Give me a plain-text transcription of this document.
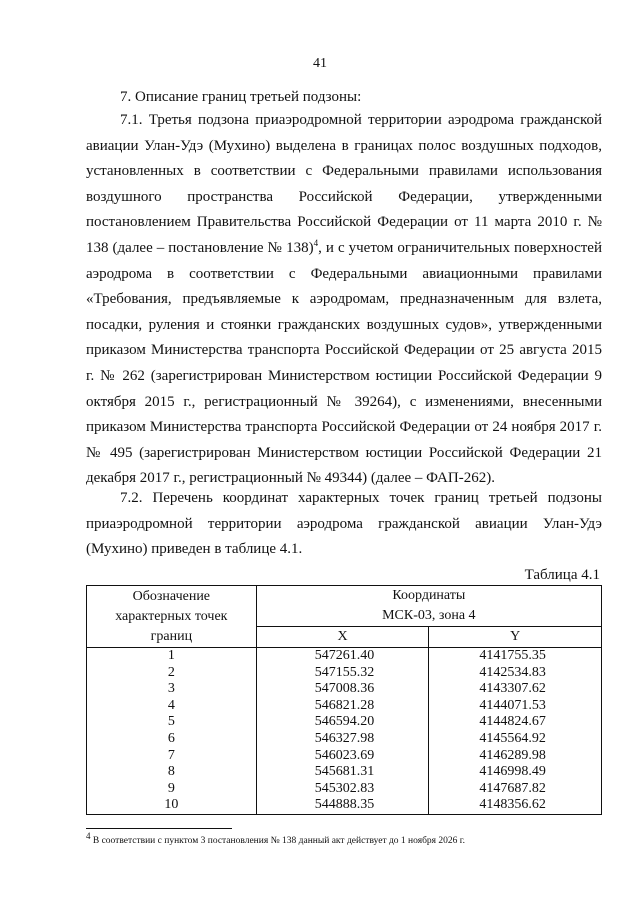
41
7. Описание границ третьей подзоны:

7.1. Третья подзона приаэродромной территории аэродрома гражданской авиации Улан-Удэ (Мухино) выделена в границах полос воздушных подходов, установленных в соответствии с Федеральными правилами использования воздушного пространства Российской Федерации, утвержденными постановлением Правительства Российской Федерации от 11 марта 2010 г. № 138 (далее – постановление № 138)$^4$, и с учетом ограничительных поверхностей аэродрома в соответствии с Федеральными авиационными правилами «Требования, предъявляемые к аэродромам, предназначенным для взлета, посадки, руления и стоянки гражданских воздушных судов», утвержденными приказом Министерства транспорта Российской Федерации от 25 августа 2015 г. № 262 (зарегистрирован Министерством юстиции Российской Федерации 9 октября 2015 г., регистрационный № 39264), с изменениями, внесенными приказом Министерства транспорта Российской Федерации от 24 ноября 2017 г. № 495 (зарегистрирован Министерством юстиции Российской Федерации 21 декабря 2017 г., регистрационный № 49344) (далее – ФАП-262).

7.2. Перечень координат характерных точек границ третьей подзоны приаэродромной территории аэродрома гражданской авиации Улан-Удэ (Мухино) приведен в таблице 4.1.

Таблица 4.1
Обозначение характерных точек границ	Координаты
МСК-03, зона 4	

	X	Y
1	547261.40	4141755.35
2	547155.32	4142534.83
3	547008.36	4143307.62
4	546821.28	4144071.53
5	546594.20	4144824.67
6	546327.98	4145564.92
7	546023.69	4146289.98
8	545681.31	4146998.49
9	545302.83	4147687.82
10	544888.35	4148356.62
$^4$ В соответствии с пунктом 3 постановления № 138 данный акт действует до 1 ноября 2026 г.
